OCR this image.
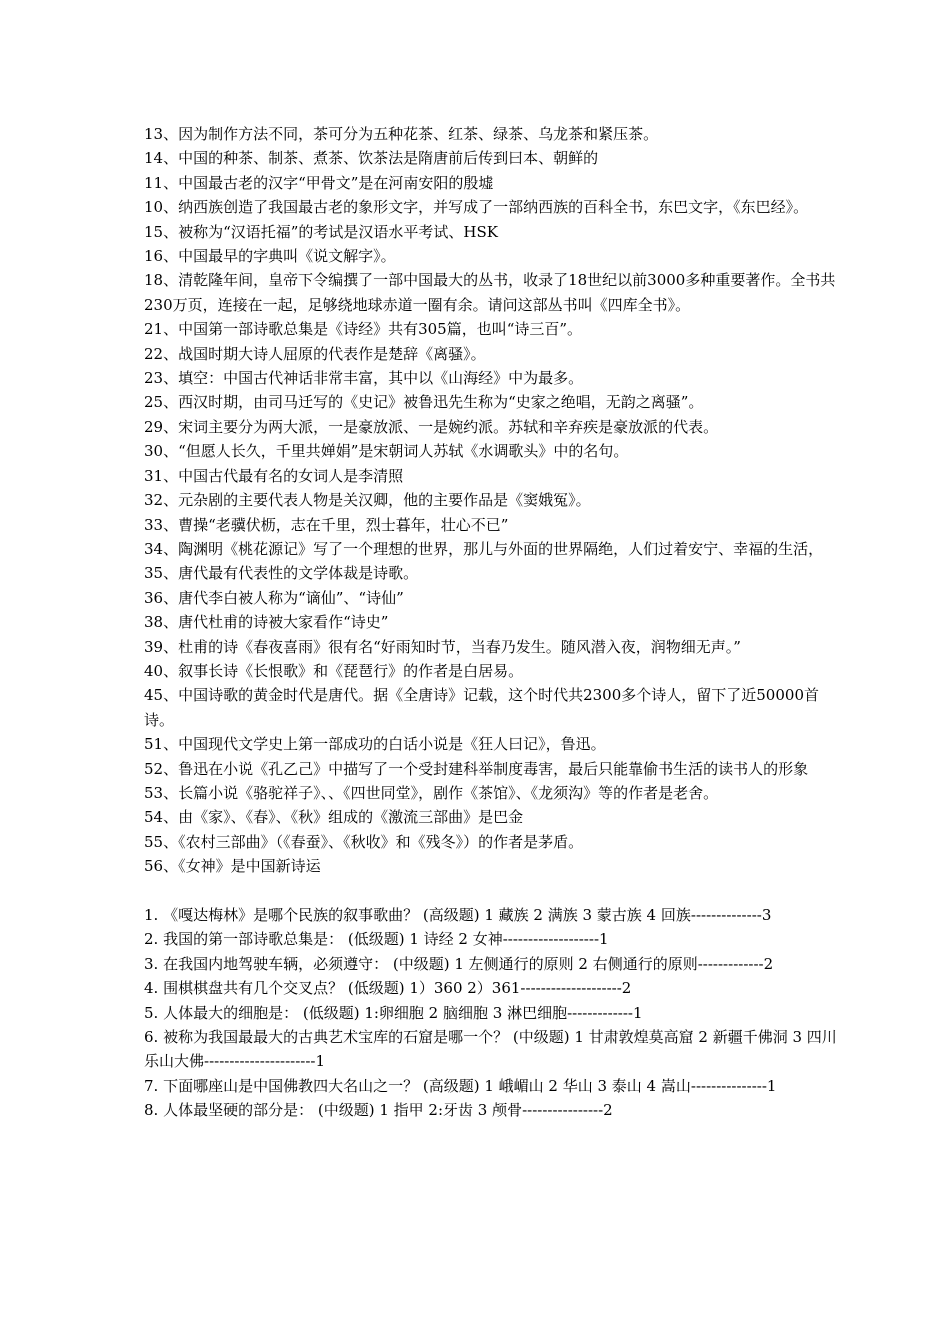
13、因为制作方法不同，茶可分为五种花茶、红茶、绿茶、乌龙茶和紧压茶。

14、中国的种茶、制茶、煮茶、饮茶法是隋唐前后传到曰本、朝鲜的

11、中国最古老的汉字“甲骨文”是在河南安阳的殷墟

10、纳西族创造了我国最古老的象形文字，并写成了一部纳西族的百科全书，东巴文字，《东巴经》。

15、被称为“汉语托福”的考试是汉语水平考试、HSK

16、中国最早的字典叫《说文解字》。

18、清乾隆年间，皇帝下令编撰了一部中国最大的丛书，收录了18世纪以前3000多种重要著作。全书共230万页，连接在一起，足够绕地球赤道一圈有余。请问这部丛书叫《四库全书》。

21、中国第一部诗歌总集是《诗经》共有305篇，也叫“诗三百”。

22、战国时期大诗人屈原的代表作是楚辞《离骚》。

23、填空：中国古代神话非常丰富，其中以《山海经》中为最多。

25、西汉时期，由司马迁写的《史记》被鲁迅先生称为“史家之绝唱，无韵之离骚”。

29、宋词主要分为两大派，一是豪放派、一是婉约派。苏轼和辛弃疾是豪放派的代表。

30、“但愿人长久，千里共婵娟”是宋朝词人苏轼《水调歌头》中的名句。

31、中国古代最有名的女词人是李清照

32、元杂剧的主要代表人物是关汉卿，他的主要作品是《窦娥冤》。

33、曹操“老骥伏枥，志在千里，烈士暮年，壮心不已”

34、陶渊明《桃花源记》写了一个理想的世界，那儿与外面的世界隔绝，人们过着安宁、幸福的生活，

35、唐代最有代表性的文学体裁是诗歌。

36、唐代李白被人称为“谪仙”、“诗仙”

38、唐代杜甫的诗被大家看作“诗史”

39、杜甫的诗《春夜喜雨》很有名“好雨知时节，当春乃发生。随风潜入夜，润物细无声。”

40、叙事长诗《长恨歌》和《琵琶行》的作者是白居易。

45、中国诗歌的黄金时代是唐代。据《全唐诗》记载，这个时代共2300多个诗人，留下了近50000首诗。

51、中国现代文学史上第一部成功的白话小说是《狂人曰记》，鲁迅。

52、鲁迅在小说《孔乙己》中描写了一个受封建科举制度毒害，最后只能靠偷书生活的读书人的形象

53、长篇小说《骆驼祥子》、、《四世同堂》，剧作《茶馆》、《龙须沟》等的作者是老舍。

54、由《家》、《春》、《秋》组成的《激流三部曲》是巴金

55、《农村三部曲》（《春蚕》、《秋收》和《残冬》）的作者是茅盾。

56、《女神》是中国新诗运

1. 《嘎达梅林》是哪个民族的叙事歌曲？ (高级题) 1 藏族 2 满族 3 蒙古族 4 回族--------------3

2. 我国的第一部诗歌总集是： (低级题) 1 诗经 2 女神-------------------1

3. 在我国内地驾驶车辆，必须遵守： (中级题) 1 左侧通行的原则 2 右侧通行的原则-------------2

4. 围棋棋盘共有几个交叉点？ (低级题) 1）360 2）361--------------------2

5. 人体最大的细胞是： (低级题) 1:卵细胞 2 脑细胞 3 淋巴细胞-------------1

6. 被称为我国最最大的古典艺术宝库的石窟是哪一个？ (中级题) 1 甘肃敦煌莫高窟 2 新疆千佛洞 3 四川乐山大佛----------------------1

7. 下面哪座山是中国佛教四大名山之一？ (高级题) 1 峨嵋山 2 华山 3 泰山 4 嵩山---------------1

8. 人体最坚硬的部分是： (中级题) 1 指甲 2:牙齿 3 颅骨----------------2
